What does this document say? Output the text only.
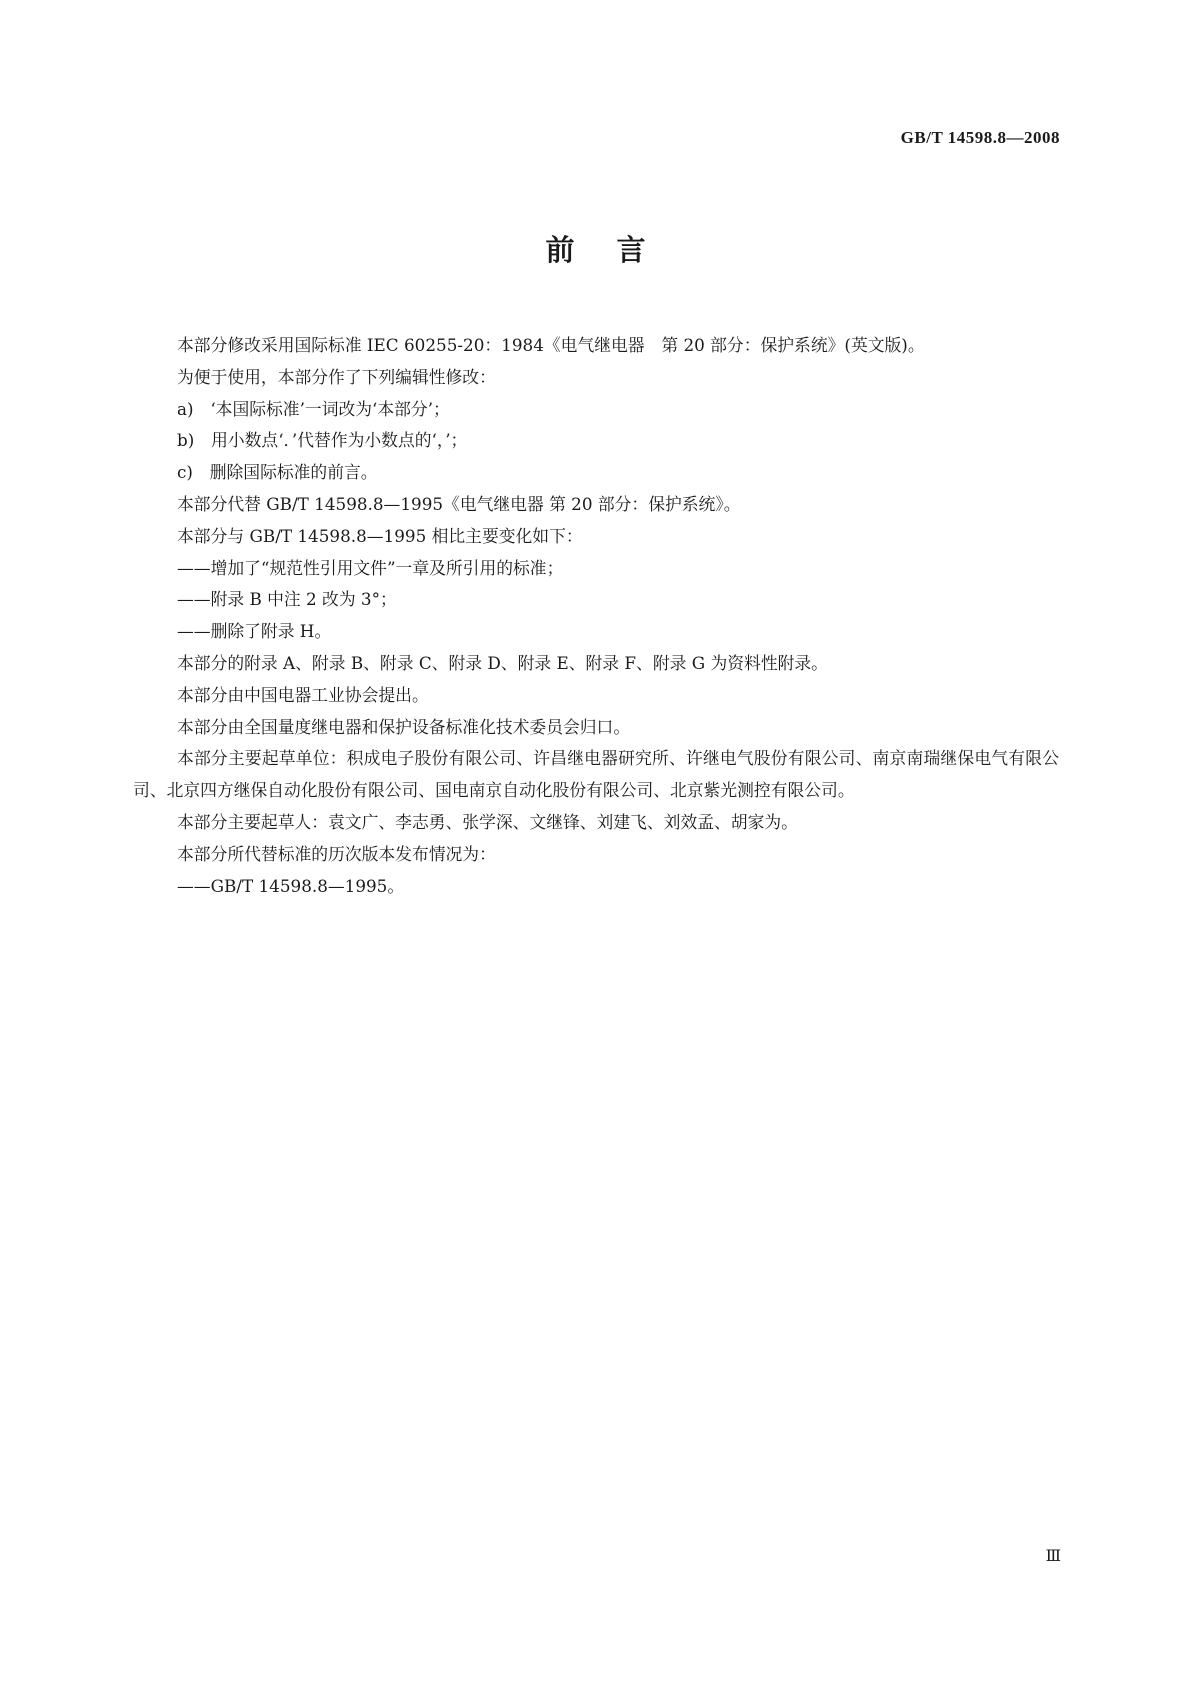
GB/T 14598.8—2008
前言

本部分修改采用国际标准 IEC 60255-20：1984《电气继电器　第 20 部分：保护系统》(英文版)。

为便于使用，本部分作了下列编辑性修改：

a)　‘本国际标准’一词改为‘本部分’；

b)　用小数点‘．’代替作为小数点的‘，’；

c)　删除国际标准的前言。

本部分代替 GB/T 14598.8—1995《电气继电器 第 20 部分：保护系统》。

本部分与 GB/T 14598.8—1995 相比主要变化如下：

——增加了“规范性引用文件”一章及所引用的标准；

——附录 B 中注 2 改为 3°；

——删除了附录 H。

本部分的附录 A、附录 B、附录 C、附录 D、附录 E、附录 F、附录 G 为资料性附录。

本部分由中国电器工业协会提出。

本部分由全国量度继电器和保护设备标准化技术委员会归口。

本部分主要起草单位：积成电子股份有限公司、许昌继电器研究所、许继电气股份有限公司、南京南瑞继保电气有限公司、北京四方继保自动化股份有限公司、国电南京自动化股份有限公司、北京紫光测控有限公司。

本部分主要起草人：袁文广、李志勇、张学深、文继锋、刘建飞、刘效孟、胡家为。

本部分所代替标准的历次版本发布情况为：

——GB/T 14598.8—1995。

Ⅲ
